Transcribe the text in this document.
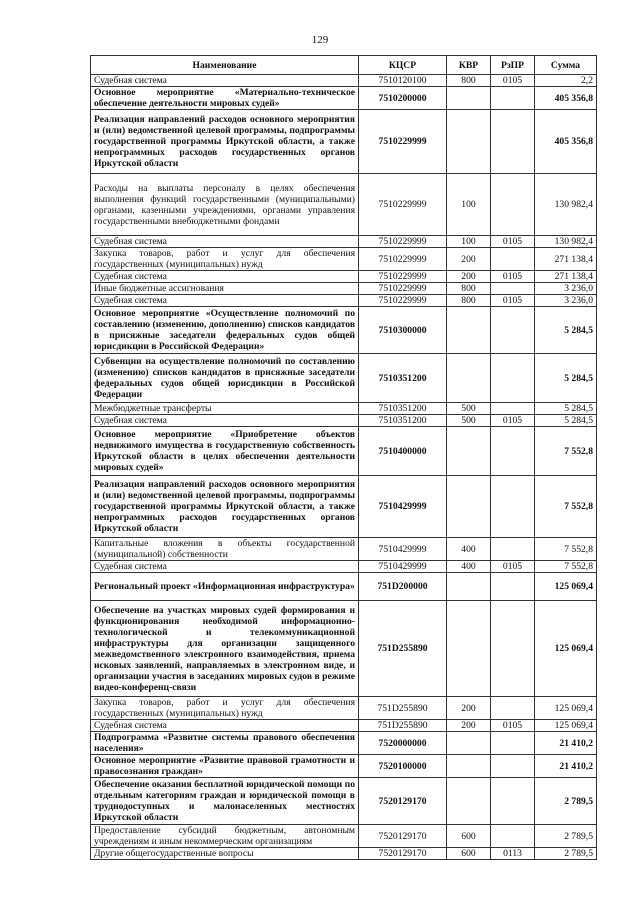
129
Наименование	КЦСР	КВР	РзПР	Сумма
Судебная система	7510120100	800	0105	2,2
Основное мероприятие «Материально-техническое обеспечение деятельности мировых судей»	7510200000			405 356,8
Реализация направлений расходов основного мероприятия и (или) ведомственной целевой программы, подпрограммы государственной программы Иркутской области, а также непрограммных расходов государственных органов Иркутской области	7510229999			405 356,8
Расходы на выплаты персоналу в целях обеспечения выполнения функций государственными (муниципальными) органами, казенными учреждениями, органами управления государственными внебюджетными фондами	7510229999	100		130 982,4
Судебная система	7510229999	100	0105	130 982,4
Закупка товаров, работ и услуг для обеспечения государственных (муниципальных) нужд	7510229999	200		271 138,4
Судебная система	7510229999	200	0105	271 138,4
Иные бюджетные ассигнования	7510229999	800		3 236,0
Судебная система	7510229999	800	0105	3 236,0
Основное мероприятие «Осуществление полномочий по составлению (изменению, дополнению) списков кандидатов в присяжные заседатели федеральных судов общей юрисдикции в Российской Федерации»	7510300000			5 284,5
Субвенции на осуществление полномочий по составлению (изменению) списков кандидатов в присяжные заседатели федеральных судов общей юрисдикции в Российской Федерации	7510351200			5 284,5
Межбюджетные трансферты	7510351200	500		5 284,5
Судебная система	7510351200	500	0105	5 284,5
Основное мероприятие «Приобретение объектов недвижимого имущества в государственную собственность Иркутской области в целях обеспечения деятельности мировых судей»	7510400000			7 552,8
Реализация направлений расходов основного мероприятия и (или) ведомственной целевой программы, подпрограммы государственной программы Иркутской области, а также непрограммных расходов государственных органов Иркутской области	7510429999			7 552,8
Капитальные вложения в объекты государственной (муниципальной) собственности	7510429999	400		7 552,8
Судебная система	7510429999	400	0105	7 552,8
Региональный проект «Информационная инфраструктура»	751D200000			125 069,4
Обеспечение на участках мировых судей формирования и функционирования необходимой информационно-технологической и телекоммуникационной инфраструктуры для организации защищенного межведомственного электронного взаимодействия, приема исковых заявлений, направляемых в электронном виде, и организации участия в заседаниях мировых судов в режиме видео-конференц-связи	751D255890			125 069,4
Закупка товаров, работ и услуг для обеспечения государственных (муниципальных) нужд	751D255890	200		125 069,4
Судебная система	751D255890	200	0105	125 069,4
Подпрограмма «Развитие системы правового обеспечения населения»	7520000000			21 410,2
Основное мероприятие «Развитие правовой грамотности и правосознания граждан»	7520100000			21 410,2
Обеспечение оказания бесплатной юридической помощи по отдельным категориям граждан и юридической помощи в труднодоступных и малонаселенных местностях Иркутской области	7520129170			2 789,5
Предоставление субсидий бюджетным, автономным учреждениям и иным некоммерческим организациям	7520129170	600		2 789,5
Другие общегосударственные вопросы	7520129170	600	0113	2 789,5
